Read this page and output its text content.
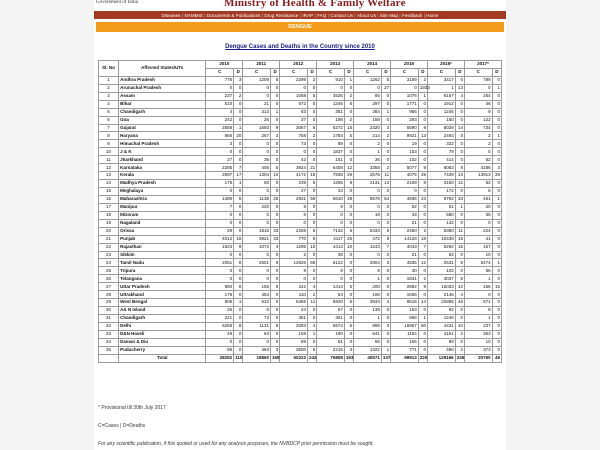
Government of India	Ministry of Health & Family Welfare
Diseases | NAMMIS | Documents & Publications | Drug Resistance | IRAP | FAQ | Contact Us | About Us | Site Map | Feedback | Home
DENGUE
Dengue Cases and Deaths in the Country since 2010
Sl. No	Affected States/UTs	2010		2011		2012		2013		2014		2015		2016*		2017*	
		C	D	C	D	C	D	C	D	C	D	C	D	C	D	C	D
1	Andhra Pradesh	776	3	1209	6	2299	2	910	1	1262	5	3159	2	3417	0	799	0
2	Arunachal Pradesh	0	0	0	0	0	0	0	0	0	27	0	1933	1	13	0	1
3	Assam	237	2	0	0	1058	5	4526	2	85	0	1076	1	6157	4	254	0
4	Bihar	510	0	21	0	872	0	1246	5	297	0	1771	0	1912	0	46	0
5	Chandigarh	4	0	313	1	83	0	351	0	384	1	966	0	1246	0	9	0
6	Goa	242	0	26	0	37	0	198	2	168	0	293	0	150	0	122	0
7	Gujarat	2568	1	1693	9	3067	6	6272	15	2320	3	5590	9	8028	14	734	0
8	Haryana	866	20	267	3	768	2	1784	5	214	2	9921	13	2493	0	2	1
9	Himachal Pradesh	3	0	0	0	73	0	89	0	2	0	19	0	322	0	2	0
10	J & K	0	0	0	0	0	0	1837	0	1	0	153	0	79	0	0	0
11	Jharkhand	27	0	36	0	42	0	161	0	36	0	102	0	414	0	62	0
12	Karnataka	2285	7	405	5	3924	21	6408	12	3358	2	5077	9	6083	8	4186	3
13	Kerala	2597	17	1304	10	4172	15	7938	29	2575	11	4075	25	7439	13	13913	28
14	Madhya Pradesh	175	1	50	0	239	5	1255	9	2131	13	2108	8	3150	12	52	0
15	Meghalaya	0	0	0	0	27	0	43	0	0	0	0	0	172	0	6	0
16	Maharashtra	1489	5	1138	25	2931	59	5610	48	8578	54	4936	23	6792	33	461	1
17	Manipur	7	0	220	0	9	0	9	0	0	0	52	0	51	1	20	0
18	Mizoram	0	0	0	0	6	0	0	0	19	0	43	0	580	0	35	0
19	Nagaland	0	0	0	0	0	0	0	0	0	0	21	0	142	0	0	0
20	Orissa	29	0	1816	33	2255	6	7132	6	6433	6	2450	2	8380	11	224	0
21	Punjab	4012	15	3921	33	770	9	4117	25	472	8	14128	18	10439	15	41	0
22	Rajasthan	1823	9	1072	4	1295	10	4413	10	1243	7	4043	7	5292	16	167	0
23	Sikkim	0	0	0	0	2	0	38	0	0	0	21	0	82	0	10	0
24	Tamil Nadu	2051	8	2501	9	12826	66	6122	0	2804	3	4535	12	2531	5	5474	1
25	Tripura	0	0	0	0	9	0	8	0	6	0	40	0	102	0	56	0
26	Telangana	0	0	0	0	0	0	0	0	1	0	1831	2	4037	5	1	0
27	Uttar Pradesh	960	8	155	5	342	4	1414	5	200	0	2892	9	15033	42	156	15
28	Uttrakhand	178	0	454	0	110	2	54	0	106	0	1655	0	2146	4	0	0
29	West Bengal	805	1	510	0	6456	11	5920	6	3934	4	8516	14	22865	45	571	0
30	A& N Island	25	0	6	0	24	0	67	0	139	0	153	0	92	0	8	0
31	Chandigarh	221	0	73	0	351	0	351	0	1	0	966	1	1246	0	1	0
32	Delhi	6259	8	1131	8	2093	4	5574	6	995	3	15867	60	4431	10	237	0
33	D&N Haveli	49	0	63	0	159	1	190	0	641	0	1154	0	4161	2	363	0
34	Daman & Diu	0	0	0	0	89	0	61	0	66	0	165	0	89	0	10	0
35	Puducherry	96	0	463	3	3500	5	2215	3	1322	1	771	0	490	2	373	0
	Total	28292	110	18860	169	50222	242	75808	193	40571	137	99913	220	129166	245	20760	46
* Provisional till 30th July 2017
C=Cases | D=Deaths
For any scientific publication, if this quoted or used for any analysis purposes, the NVBDCP prior permission must be sought.
